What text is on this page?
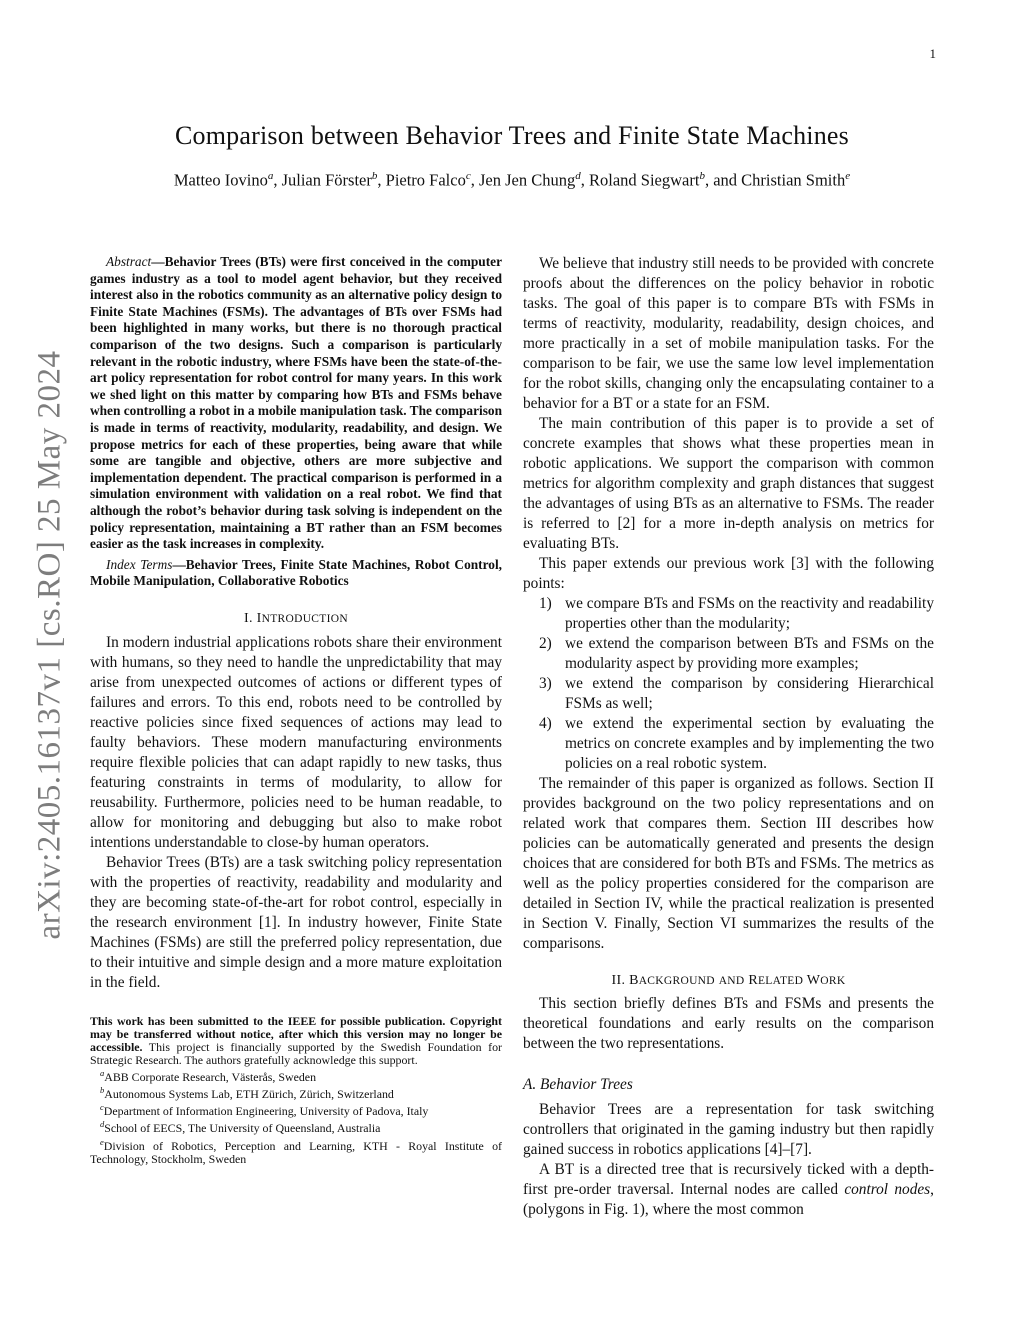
1
arXiv:2405.16137v1 [cs.RO] 25 May 2024
Comparison between Behavior Trees and Finite State Machines
Matteo Iovino$^a$, Julian Förster$^b$, Pietro Falco$^c$, Jen Jen Chung$^d$, Roland Siegwart$^b$, and Christian Smith$^e$

Abstract—Behavior Trees (BTs) were first conceived in the computer games industry as a tool to model agent behavior, but they received interest also in the robotics community as an alternative policy design to Finite State Machines (FSMs). The advantages of BTs over FSMs had been highlighted in many works, but there is no thorough practical comparison of the two designs. Such a comparison is particularly relevant in the robotic industry, where FSMs have been the state-of-the-art policy representation for robot control for many years. In this work we shed light on this matter by comparing how BTs and FSMs behave when controlling a robot in a mobile manipulation task. The comparison is made in terms of reactivity, modularity, readability, and design. We propose metrics for each of these properties, being aware that while some are tangible and objective, others are more subjective and implementation dependent. The practical comparison is performed in a simulation environment with validation on a real robot. We find that although the robot’s behavior during task solving is independent on the policy representation, maintaining a BT rather than an FSM becomes easier as the task increases in complexity.

Index Terms—Behavior Trees, Finite State Machines, Robot Control, Mobile Manipulation, Collaborative Robotics

I. INTRODUCTION

In modern industrial applications robots share their environment with humans, so they need to handle the unpredictability that may arise from unexpected outcomes of actions or different types of failures and errors. To this end, robots need to be controlled by reactive policies since fixed sequences of actions may lead to faulty behaviors. These modern manufacturing environments require flexible policies that can adapt rapidly to new tasks, thus featuring constraints in terms of modularity, to allow for reusability. Furthermore, policies need to be human readable, to allow for monitoring and debugging but also to make robot intentions understandable to close-by human operators.

Behavior Trees (BTs) are a task switching policy representation with the properties of reactivity, readability and modularity and they are becoming state-of-the-art for robot control, especially in the research environment [1]. In industry however, Finite State Machines (FSMs) are still the preferred policy representation, due to their intuitive and simple design and a more mature exploitation in the field.

This work has been submitted to the IEEE for possible publication. Copyright may be transferred without notice, after which this version may no longer be accessible. This project is financially supported by the Swedish Foundation for Strategic Research. The authors gratefully acknowledge this support.

$^a$ABB Corporate Research, Västerås, Sweden

$^b$Autonomous Systems Lab, ETH Zürich, Zürich, Switzerland

$^c$Department of Information Engineering, University of Padova, Italy

$^d$School of EECS, The University of Queensland, Australia

$^e$Division of Robotics, Perception and Learning, KTH - Royal Institute of Technology, Stockholm, Sweden

We believe that industry still needs to be provided with concrete proofs about the differences on the policy behavior in robotic tasks. The goal of this paper is to compare BTs with FSMs in terms of reactivity, modularity, readability, design choices, and more practically in a set of mobile manipulation tasks. For the comparison to be fair, we use the same low level implementation for the robot skills, changing only the encapsulating container to a behavior for a BT or a state for an FSM.

The main contribution of this paper is to provide a set of concrete examples that shows what these properties mean in robotic applications. We support the comparison with common metrics for algorithm complexity and graph distances that suggest the advantages of using BTs as an alternative to FSMs. The reader is referred to [2] for a more in-depth analysis on metrics for evaluating BTs.

This paper extends our previous work [3] with the following points:

1) we compare BTs and FSMs on the reactivity and readability properties other than the modularity;
2) we extend the comparison between BTs and FSMs on the modularity aspect by providing more examples;
3) we extend the comparison by considering Hierarchical FSMs as well;
4) we extend the experimental section by evaluating the metrics on concrete examples and by implementing the two policies on a real robotic system.

The remainder of this paper is organized as follows. Section II provides background on the two policy representations and on related work that compares them. Section III describes how policies can be automatically generated and presents the design choices that are considered for both BTs and FSMs. The metrics as well as the policy properties considered for the comparison are detailed in Section IV, while the practical realization is presented in Section V. Finally, Section VI summarizes the results of the comparisons.

II. BACKGROUND AND RELATED WORK

This section briefly defines BTs and FSMs and presents the theoretical foundations and early results on the comparison between the two representations.

A. Behavior Trees

Behavior Trees are a representation for task switching controllers that originated in the gaming industry but then rapidly gained success in robotics applications [4]–[7].

A BT is a directed tree that is recursively ticked with a depth-first pre-order traversal. Internal nodes are called control nodes, (polygons in Fig. 1), where the most common
